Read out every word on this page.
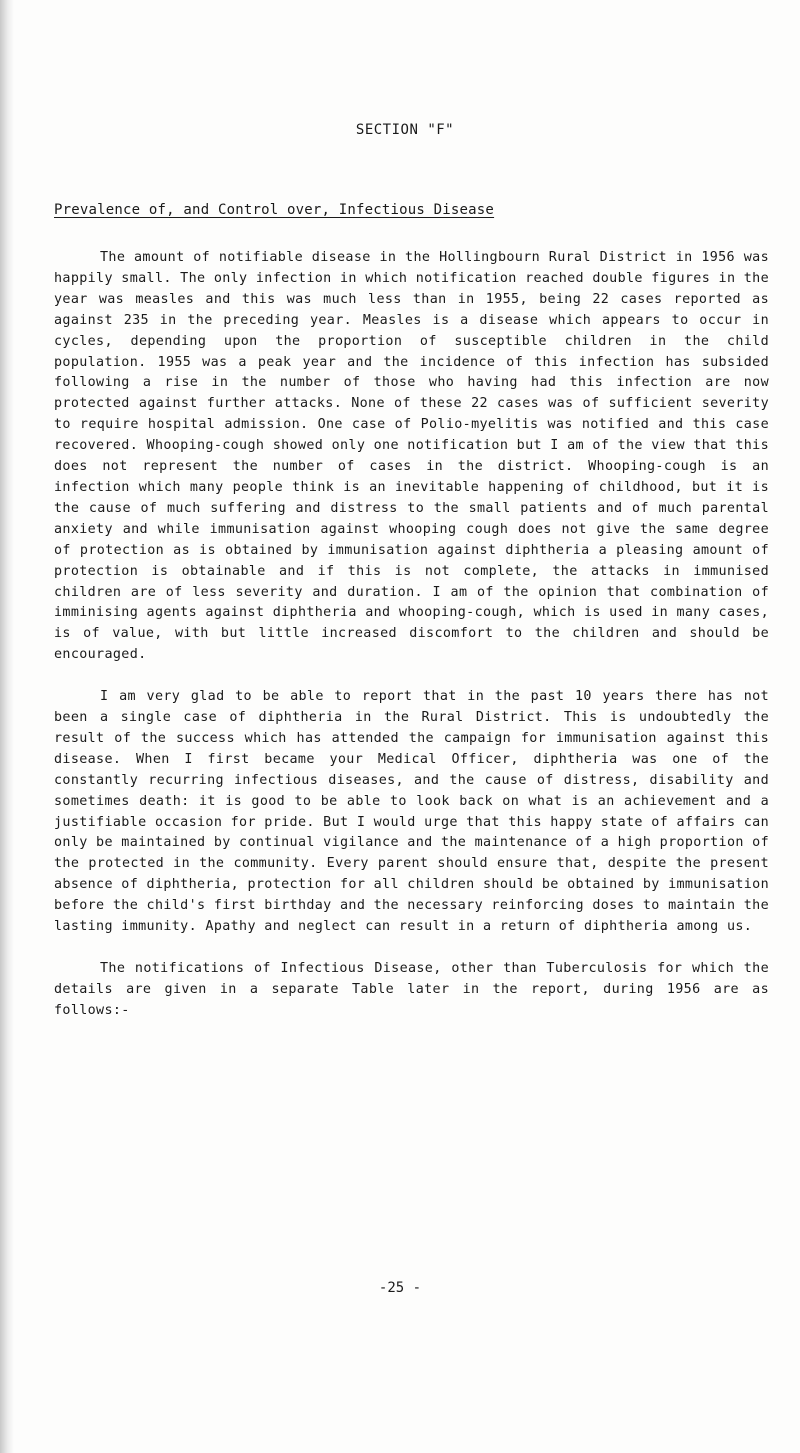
SECTION "F"
Prevalence of, and Control over, Infectious Disease

The amount of notifiable disease in the Hollingbourn Rural District in 1956 was happily small. The only infection in which notification reached double figures in the year was measles and this was much less than in 1955, being 22 cases reported as against 235 in the preceding year. Measles is a disease which appears to occur in cycles, depending upon the proportion of susceptible children in the child population. 1955 was a peak year and the incidence of this infection has subsided following a rise in the number of those who having had this infection are now protected against further attacks. None of these 22 cases was of sufficient severity to require hospital admission. One case of Polio-myelitis was notified and this case recovered. Whooping-cough showed only one notification but I am of the view that this does not represent the number of cases in the district. Whooping-cough is an infection which many people think is an inevitable happening of childhood, but it is the cause of much suffering and distress to the small patients and of much parental anxiety and while immunisation against whooping cough does not give the same degree of protection as is obtained by immunisation against diphtheria a pleasing amount of protection is obtainable and if this is not complete, the attacks in immunised children are of less severity and duration. I am of the opinion that combination of imminising agents against diphtheria and whooping-cough, which is used in many cases, is of value, with but little increased discomfort to the children and should be encouraged.

I am very glad to be able to report that in the past 10 years there has not been a single case of diphtheria in the Rural District. This is undoubtedly the result of the success which has attended the campaign for immunisation against this disease. When I first became your Medical Officer, diphtheria was one of the constantly recurring infectious diseases, and the cause of distress, disability and sometimes death: it is good to be able to look back on what is an achievement and a justifiable occasion for pride. But I would urge that this happy state of affairs can only be maintained by continual vigilance and the maintenance of a high proportion of the protected in the community. Every parent should ensure that, despite the present absence of diphtheria, protection for all children should be obtained by immunisation before the child's first birthday and the necessary reinforcing doses to maintain the lasting immunity. Apathy and neglect can result in a return of diphtheria among us.

The notifications of Infectious Disease, other than Tuberculosis for which the details are given in a separate Table later in the report, during 1956 are as follows:-

-25 -
